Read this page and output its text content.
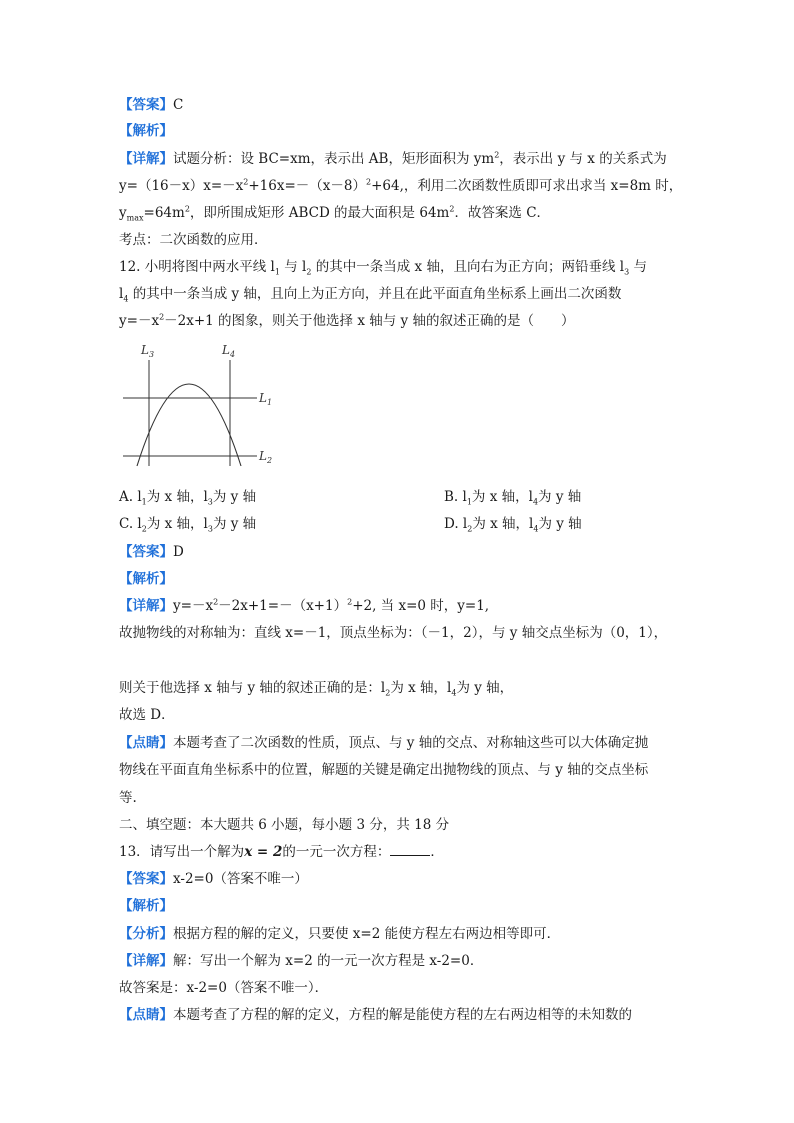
【答案】C
【解析】
【详解】试题分析：设 BC=xm，表示出 AB，矩形面积为 $ym^2$，表示出 y 与 x 的关系式为
$y=(16-x)x=-x^2+16x=-(x-8)^2+64$,，利用二次函数性质即可求出求当 x=8m 时，
$y_{max}=64m^2$，即所围成矩形 ABCD 的最大面积是 $64m^2$．故答案选 C．
考点：二次函数的应用．
12. 小明将图中两水平线 $l_1$ 与 $l_2$ 的其中一条当成 x 轴，且向右为正方向；两铅垂线 $l_3$ 与
$l_4$ 的其中一条当成 y 轴，且向上为正方向，并且在此平面直角坐标系上画出二次函数
$y=-x^2-2x+1$ 的图象，则关于他选择 x 轴与 y 轴的叙述正确的是（　　）
$L_3$	$L_4$
$L_1$
$L_2$
A. $l_1$为 x 轴，$l_3$为 y 轴	B. $l_1$为 x 轴，$l_4$为 y 轴
C. $l_2$为 x 轴，$l_3$为 y 轴	D. $l_2$为 x 轴，$l_4$为 y 轴
【答案】D
【解析】
【详解】$y=-x^2-2x+1=-(x+1)^2+2$, 当 x=0 时，y=1,
故抛物线的对称轴为：直线 x=－1，顶点坐标为：（－1，2），与 y 轴交点坐标为（0，1），
则关于他选择 x 轴与 y 轴的叙述正确的是：$l_2$为 x 轴，$l_4$为 y 轴，
故选 D．
【点睛】本题考查了二次函数的性质，顶点、与 y 轴的交点、对称轴这些可以大体确定抛
物线在平面直角坐标系中的位置，解题的关键是确定出抛物线的顶点、与 y 轴的交点坐标
等.
二、填空题：本大题共 6 小题，每小题 3 分，共 18 分
13．请写出一个解为x = 2的一元一次方程：	．
【答案】x-2=0（答案不唯一）
【解析】
【分析】根据方程的解的定义，只要使 x=2 能使方程左右两边相等即可．
【详解】解：写出一个解为 x=2 的一元一次方程是 x-2=0．
故答案是：x-2=0（答案不唯一）．
【点睛】本题考查了方程的解的定义，方程的解是能使方程的左右两边相等的未知数的
